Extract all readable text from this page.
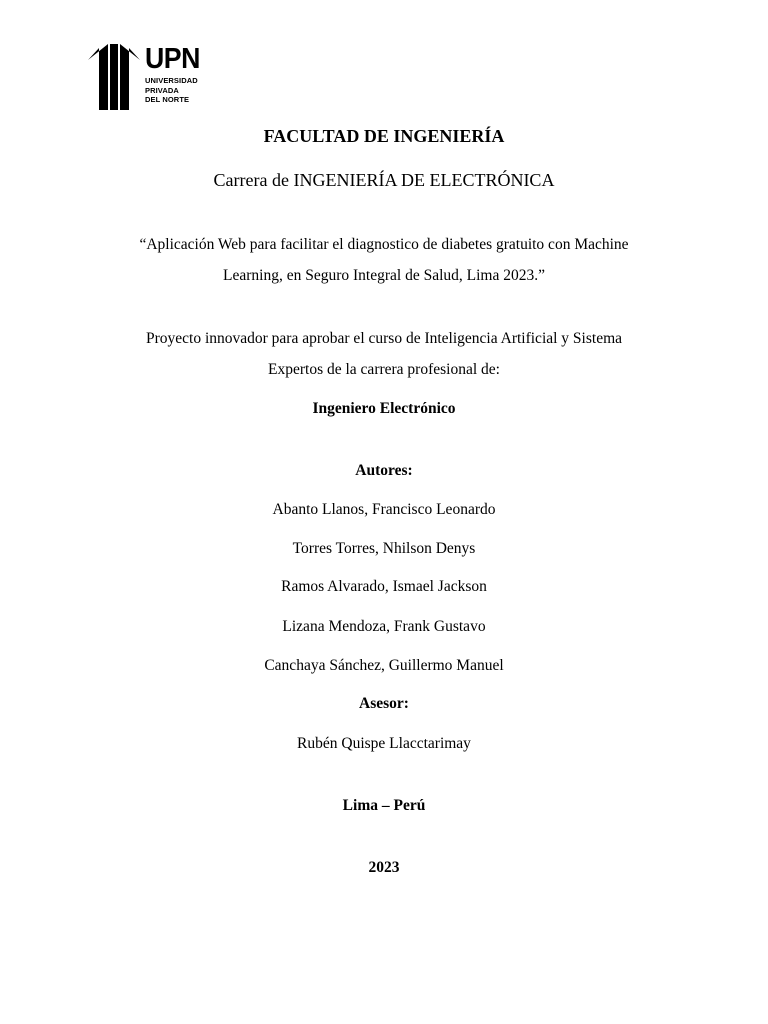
UPN
UNIVERSIDAD
PRIVADA
DEL NORTE
FACULTAD DE INGENIERÍA
Carrera de INGENIERÍA DE ELECTRÓNICA
“Aplicación Web para facilitar el diagnostico de diabetes gratuito con Machine
Learning, en Seguro Integral de Salud, Lima 2023.”
Proyecto innovador para aprobar el curso de Inteligencia Artificial y Sistema
Expertos de la carrera profesional de:
Ingeniero Electrónico
Autores:
Abanto Llanos, Francisco Leonardo
Torres Torres, Nhilson Denys
Ramos Alvarado, Ismael Jackson
Lizana Mendoza, Frank Gustavo
Canchaya Sánchez, Guillermo Manuel
Asesor:
Rubén Quispe Llacctarimay
Lima – Perú
2023
